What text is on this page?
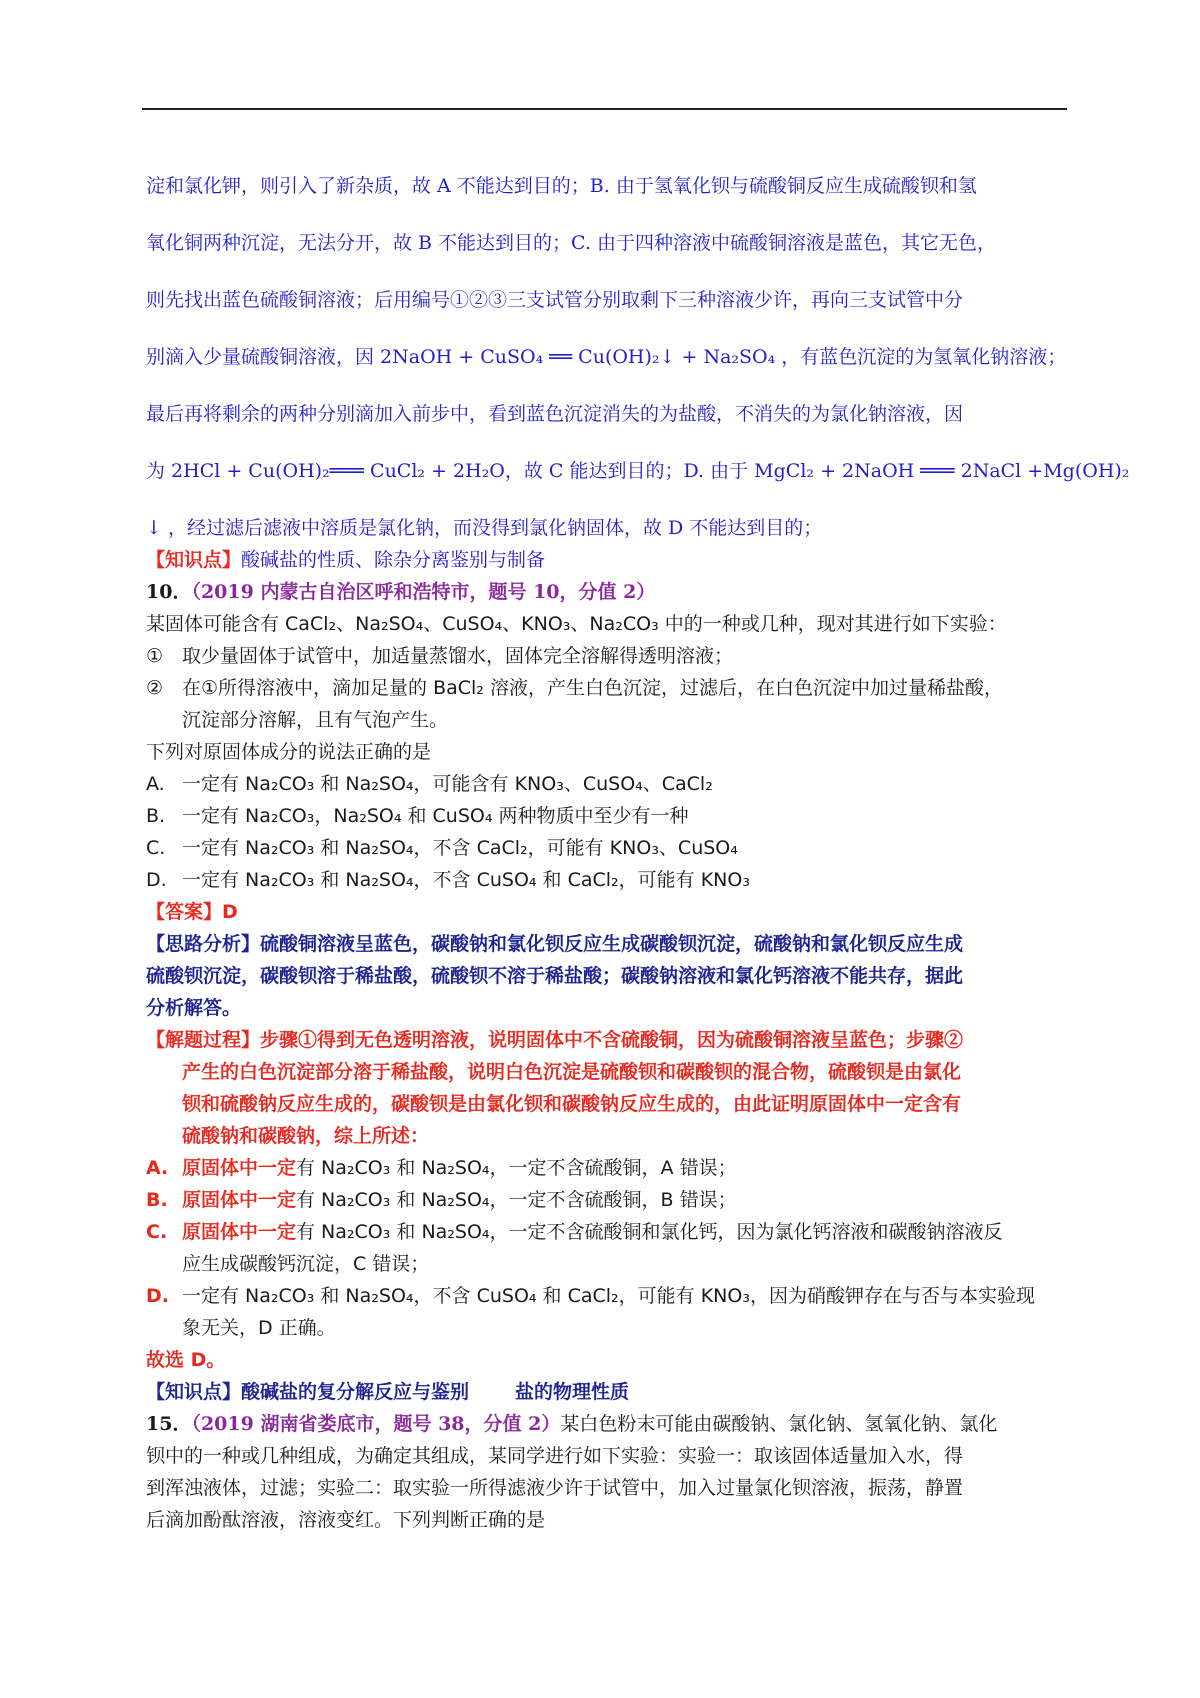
淀和氯化钾，则引入了新杂质，故 A 不能达到目的；B. 由于氢氧化钡与硫酸铜反应生成硫酸钡和氢
氧化铜两种沉淀，无法分开，故 B 不能达到目的；C. 由于四种溶液中硫酸铜溶液是蓝色，其它无色，
则先找出蓝色硫酸铜溶液；后用编号①②③三支试管分别取剩下三种溶液少许，再向三支试管中分
别滴入少量硫酸铜溶液，因 2NaOH + CuSO₄ ══ Cu(OH)₂↓ + Na₂SO₄ ，有蓝色沉淀的为氢氧化钠溶液；
最后再将剩余的两种分别滴加入前步中，看到蓝色沉淀消失的为盐酸，不消失的为氯化钠溶液，因
为 2HCl + Cu(OH)₂═══ CuCl₂ + 2H₂O，故 C 能达到目的；D. 由于 MgCl₂ + 2NaOH ═══ 2NaCl +Mg(OH)₂
↓ ，经过滤后滤液中溶质是氯化钠，而没得到氯化钠固体，故 D 不能达到目的；
【知识点】酸碱盐的性质、除杂分离鉴别与制备
10．（2019 内蒙古自治区呼和浩特市，题号 10，分值 2）
某固体可能含有 CaCl₂、Na₂SO₄、CuSO₄、KNO₃、Na₂CO₃ 中的一种或几种，现对其进行如下实验：
① 取少量固体于试管中，加适量蒸馏水，固体完全溶解得透明溶液；
② 在①所得溶液中，滴加足量的 BaCl₂ 溶液，产生白色沉淀，过滤后，在白色沉淀中加过量稀盐酸，
沉淀部分溶解，且有气泡产生。
下列对原固体成分的说法正确的是
A. 一定有 Na₂CO₃ 和 Na₂SO₄，可能含有 KNO₃、CuSO₄、CaCl₂
B. 一定有 Na₂CO₃，Na₂SO₄ 和 CuSO₄ 两种物质中至少有一种
C. 一定有 Na₂CO₃ 和 Na₂SO₄，不含 CaCl₂，可能有 KNO₃、CuSO₄
D. 一定有 Na₂CO₃ 和 Na₂SO₄，不含 CuSO₄ 和 CaCl₂，可能有 KNO₃
【答案】D
【思路分析】硫酸铜溶液呈蓝色，碳酸钠和氯化钡反应生成碳酸钡沉淀，硫酸钠和氯化钡反应生成
硫酸钡沉淀，碳酸钡溶于稀盐酸，硫酸钡不溶于稀盐酸；碳酸钠溶液和氯化钙溶液不能共存，据此
分析解答。
【解题过程】步骤①得到无色透明溶液，说明固体中不含硫酸铜，因为硫酸铜溶液呈蓝色；步骤②
产生的白色沉淀部分溶于稀盐酸，说明白色沉淀是硫酸钡和碳酸钡的混合物，硫酸钡是由氯化
钡和硫酸钠反应生成的，碳酸钡是由氯化钡和碳酸钠反应生成的，由此证明原固体中一定含有
硫酸钠和碳酸钠，综上所述：
A. 原固体中一定有 Na₂CO₃ 和 Na₂SO₄，一定不含硫酸铜，A 错误；
B. 原固体中一定有 Na₂CO₃ 和 Na₂SO₄，一定不含硫酸铜，B 错误；
C. 原固体中一定有 Na₂CO₃ 和 Na₂SO₄，一定不含硫酸铜和氯化钙，因为氯化钙溶液和碳酸钠溶液反
应生成碳酸钙沉淀，C 错误；
D. 一定有 Na₂CO₃ 和 Na₂SO₄，不含 CuSO₄ 和 CaCl₂，可能有 KNO₃，因为硝酸钾存在与否与本实验现
象无关，D 正确。
故选 D。
【知识点】酸碱盐的复分解反应与鉴别 盐的物理性质
15．（2019 湖南省娄底市，题号 38，分值 2）某白色粉末可能由碳酸钠、氯化钠、氢氧化钠、氯化
钡中的一种或几种组成，为确定其组成，某同学进行如下实验：实验一：取该固体适量加入水，得
到浑浊液体，过滤；实验二：取实验一所得滤液少许于试管中，加入过量氯化钡溶液，振荡，静置
后滴加酚酞溶液，溶液变红。下列判断正确的是
